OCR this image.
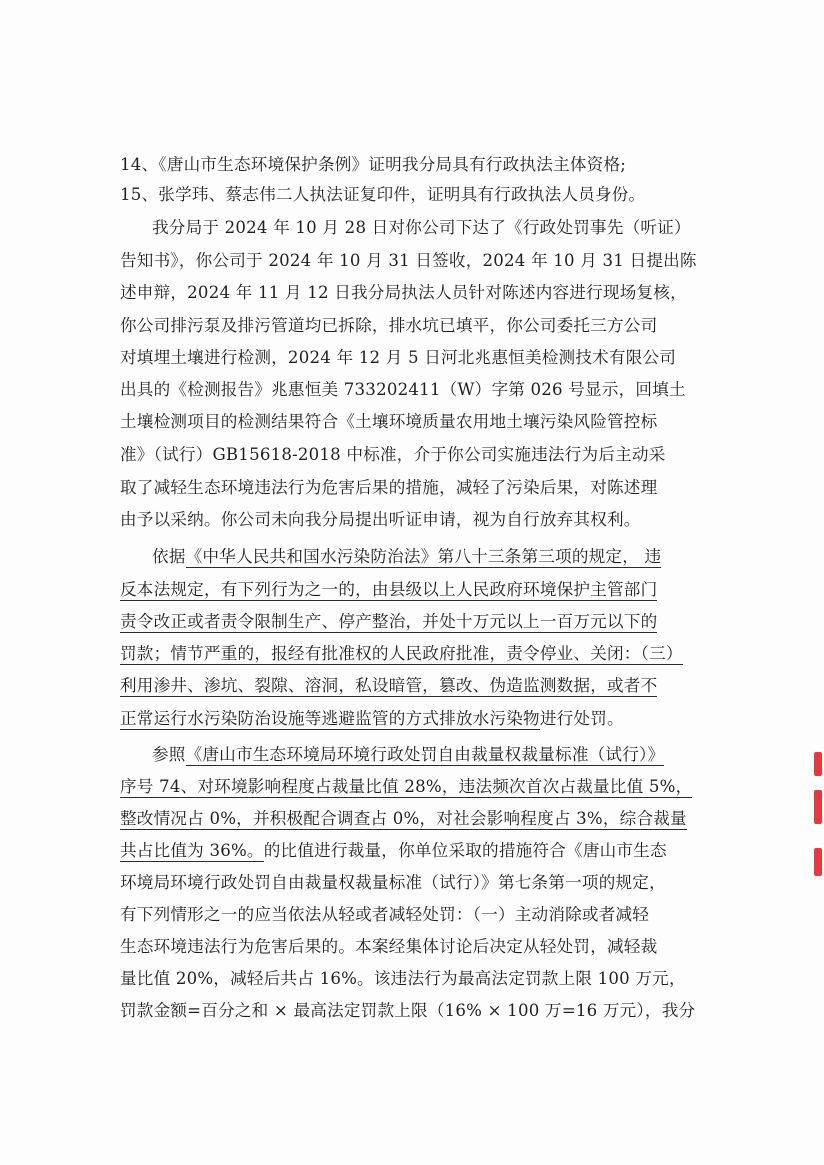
14、《唐山市生态环境保护条例》证明我分局具有行政执法主体资格;
15、张学玮、蔡志伟二人执法证复印件，证明具有行政执法人员身份。
我分局于 2024 年 10 月 28 日对你公司下达了《行政处罚事先（听证）
告知书》，你公司于 2024 年 10 月 31 日签收，2024 年 10 月 31 日提出陈
述申辩，2024 年 11 月 12 日我分局执法人员针对陈述内容进行现场复核，
你公司排污泵及排污管道均已拆除，排水坑已填平，你公司委托三方公司
对填埋土壤进行检测，2024 年 12 月 5 日河北兆惠恒美检测技术有限公司
出具的《检测报告》兆惠恒美 733202411（W）字第 026 号显示，回填土
土壤检测项目的检测结果符合《土壤环境质量农用地土壤污染风险管控标
准》（试行）GB15618-2018 中标准，介于你公司实施违法行为后主动采
取了减轻生态环境违法行为危害后果的措施，减轻了污染后果，对陈述理
由予以采纳。你公司未向我分局提出听证申请，视为自行放弃其权利。
依据《中华人民共和国水污染防治法》第八十三条第三项的规定， 违
反本法规定，有下列行为之一的，由县级以上人民政府环境保护主管部门
责令改正或者责令限制生产、停产整治，并处十万元以上一百万元以下的
罚款；情节严重的，报经有批准权的人民政府批准，责令停业、关闭：（三）
利用渗井、渗坑、裂隙、溶洞，私设暗管，篡改、伪造监测数据，或者不
正常运行水污染防治设施等逃避监管的方式排放水污染物进行处罚。
参照《唐山市生态环境局环境行政处罚自由裁量权裁量标准（试行）》
序号 74、对环境影响程度占裁量比值 28%，违法频次首次占裁量比值 5%，
整改情况占 0%，并积极配合调查占 0%，对社会影响程度占 3%，综合裁量
共占比值为 36%。的比值进行裁量，你单位采取的措施符合《唐山市生态
环境局环境行政处罚自由裁量权裁量标准（试行）》第七条第一项的规定，
有下列情形之一的应当依法从轻或者减轻处罚：（一）主动消除或者减轻
生态环境违法行为危害后果的。本案经集体讨论后决定从轻处罚，减轻裁
量比值 20%，减轻后共占 16%。该违法行为最高法定罚款上限 100 万元，
罚款金额=百分之和 × 最高法定罚款上限（16% × 100 万=16 万元），我分
